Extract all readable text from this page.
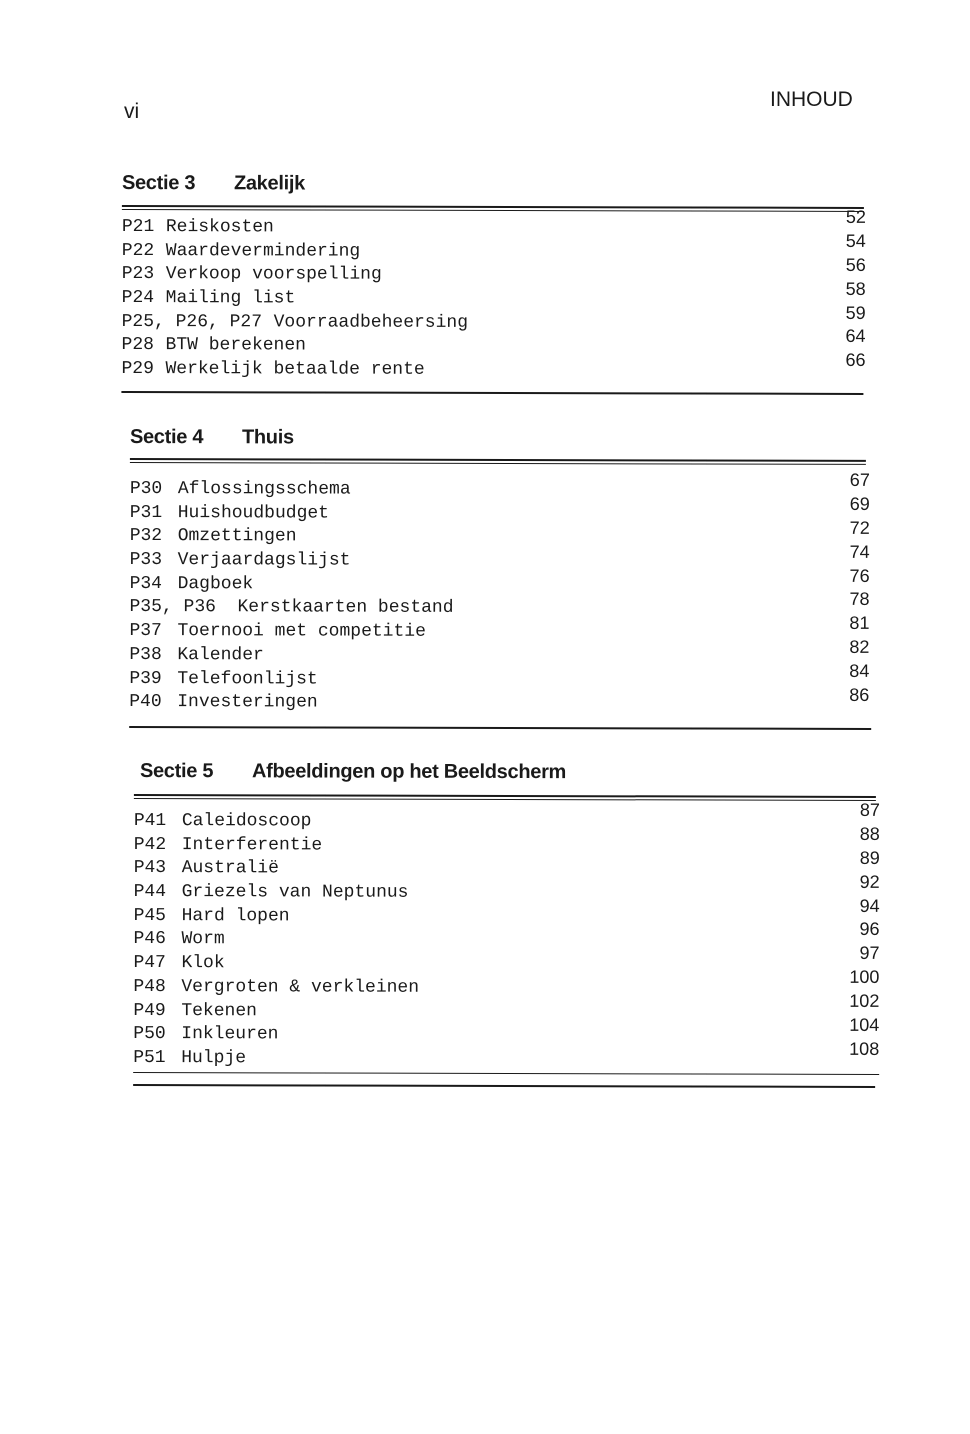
vi
INHOUD
Sectie 3 Zakelijk
P21 Reiskosten
P22 Waardevermindering
P23 Verkoop voorspelling
P24 Mailing list
P25, P26, P27 Voorraadbeheersing
P28 BTW berekenen
P29 Werkelijk betaalde rente
52
54
56
58
59
64
66
Sectie 4 Thuis
P30 Aflossingsschema
P31 Huishoudbudget
P32 Omzettingen
P33 Verjaardagslijst
P34 Dagboek
P35, P36 Kerstkaarten bestand
P37 Toernooi met competitie
P38 Kalender
P39 Telefoonlijst
P40 Investeringen
67
69
72
74
76
78
81
82
84
86
Sectie 5 Afbeeldingen op het Beeldscherm
P41 Caleidoscoop
P42 Interferentie
P43 Australië
P44 Griezels van Neptunus
P45 Hard lopen
P46 Worm
P47 Klok
P48 Vergroten & verkleinen
P49 Tekenen
P50 Inkleuren
P51 Hulpje
87
88
89
92
94
96
97
100
102
104
108
